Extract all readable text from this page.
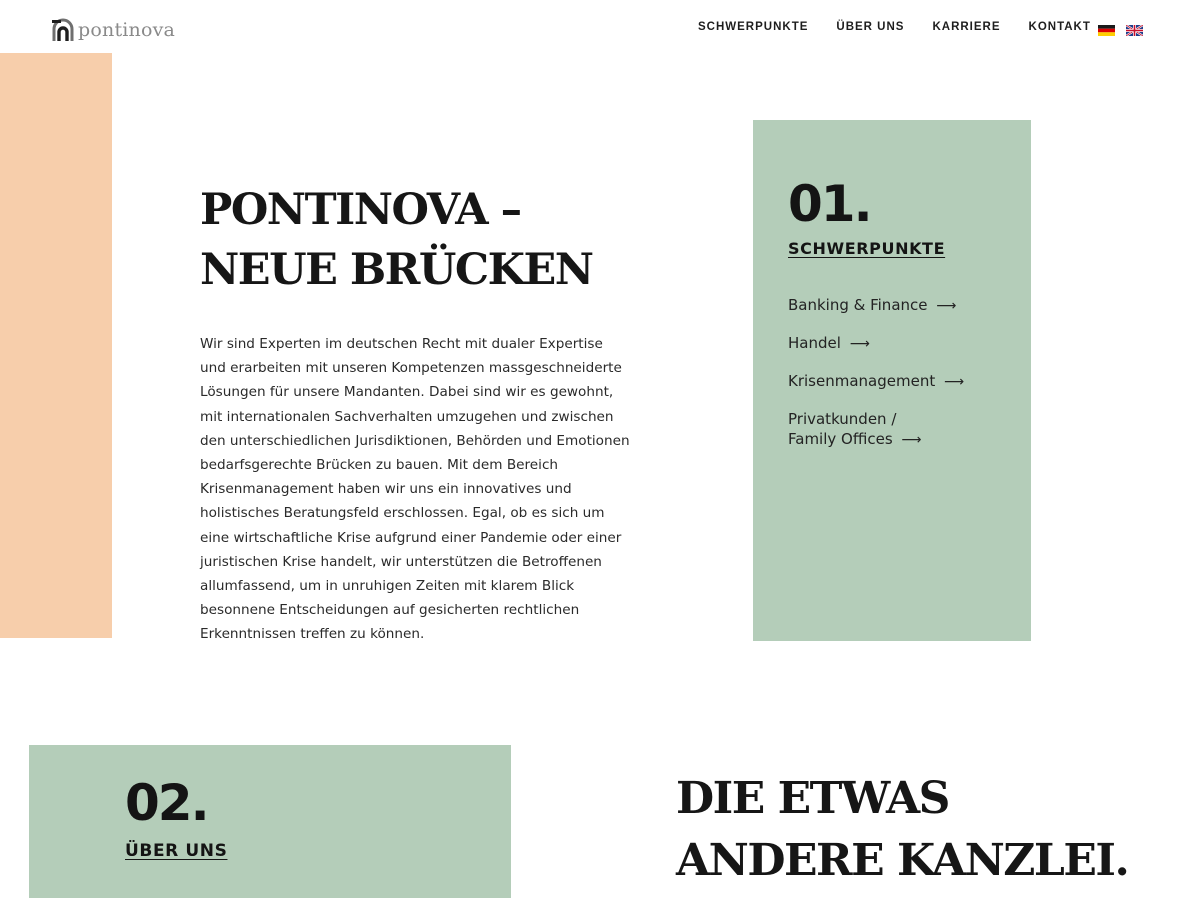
pontinova	SCHWERPUNKTE ÜBER UNS KARRIERE KONTAKT
PONTINOVA –
NEUE BRÜCKEN

Wir sind Experten im deutschen Recht mit dualer Expertise und erarbeiten mit unseren Kompetenzen massgeschneiderte Lösungen für unsere Mandanten. Dabei sind wir es gewohnt, mit internationalen Sachverhalten umzugehen und zwischen den unterschiedlichen Jurisdiktionen, Behörden und Emotionen bedarfsgerechte Brücken zu bauen. Mit dem Bereich Krisenmanagement haben wir uns ein innovatives und holistisches Beratungsfeld erschlossen. Egal, ob es sich um eine wirtschaftliche Krise aufgrund einer Pandemie oder einer juristischen Krise handelt, wir unterstützen die Betroffenen allumfassend, um in unruhigen Zeiten mit klarem Blick besonnene Entscheidungen auf gesicherten rechtlichen Erkenntnissen treffen zu können.

01.
SCHWERPUNKTE
Banking & Finance ⟶
Handel ⟶
Krisenmanagement ⟶
Privatkunden /
Family Offices ⟶
02.
ÜBER UNS
DIE ETWAS
ANDERE KANZLEI.
